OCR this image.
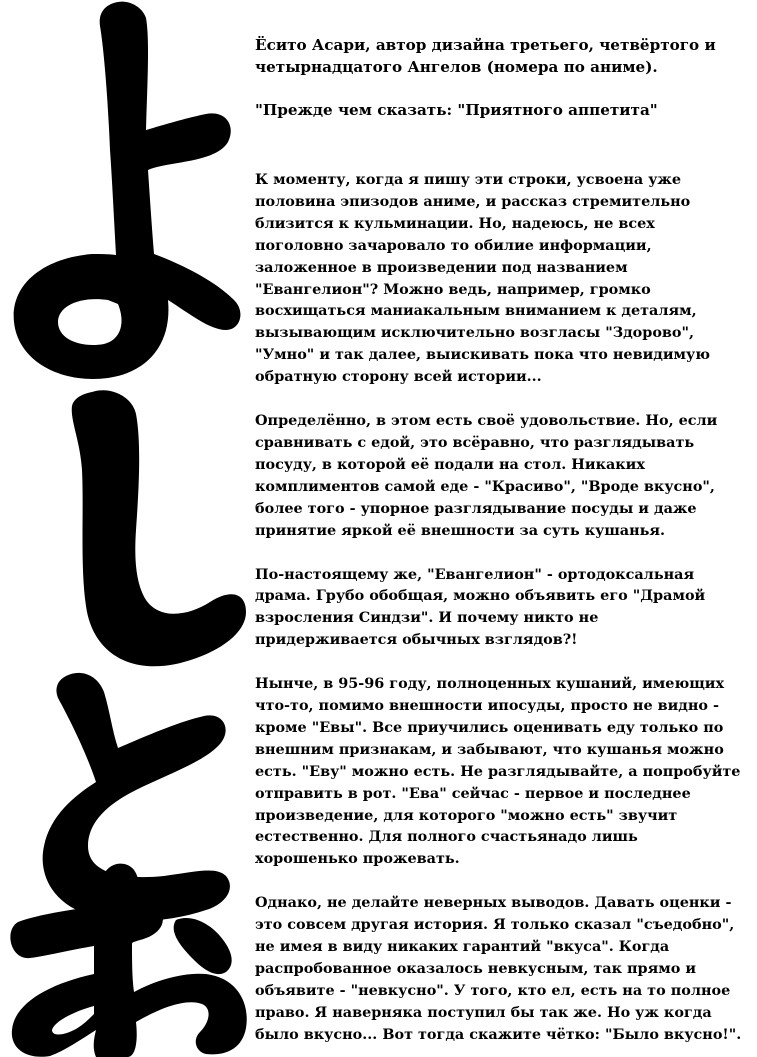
Ёсито Асари, автор дизайна третьего, четвёртого и четырнадцатого Ангелов (номера по аниме).

"Прежде чем сказать: "Приятного аппетита"

К моменту, когда я пишу эти строки, усвоена уже половина эпизодов аниме, и рассказ стремительно близится к кульминации. Но, надеюсь, не всех поголовно зачаровало то обилие информации, заложенное в произведении под названием "Евангелион"? Можно ведь, например, громко восхищаться маниакальным вниманием к деталям, вызывающим исключительно возгласы "Здорово", "Умно" и так далее, выискивать пока что невидимую обратную сторону всей истории...

Определённо, в этом есть своё удовольствие. Но, если сравнивать с едой, это всёравно, что разглядывать посуду, в которой её подали на стол. Никаких комплиментов самой еде - "Красиво", "Вроде вкусно", более того - упорное разглядывание посуды и даже принятие яркой её внешности за суть кушанья.

По-настоящему же, "Евангелион" - ортодоксальная драма. Грубо обобщая, можно объявить его "Драмой взросления Синдзи". И почему никто не придерживается обычных взглядов?!

Нынче, в 95-96 году, полноценных кушаний, имеющих что-то, помимо внешности ипосуды, просто не видно - кроме "Евы". Все приучились оценивать еду только по внешним признакам, и забывают, что кушанья можно есть. "Еву" можно есть. Не разглядывайте, а попробуйте отправить в рот. "Ева" сейчас - первое и последнее произведение, для которого "можно есть" звучит естественно. Для полного счастьянадо лишь хорошенько прожевать.

Однако, не делайте неверных выводов. Давать оценки - это совсем другая история. Я только сказал "съедобно", не имея в виду никаких гарантий "вкуса". Когда распробованное оказалось невкусным, так прямо и объявите - "невкусно". У того, кто ел, есть на то полное право. Я наверняка поступил бы так же. Но уж когда было вкусно... Вот тогда скажите чётко: "Было вкусно!".
